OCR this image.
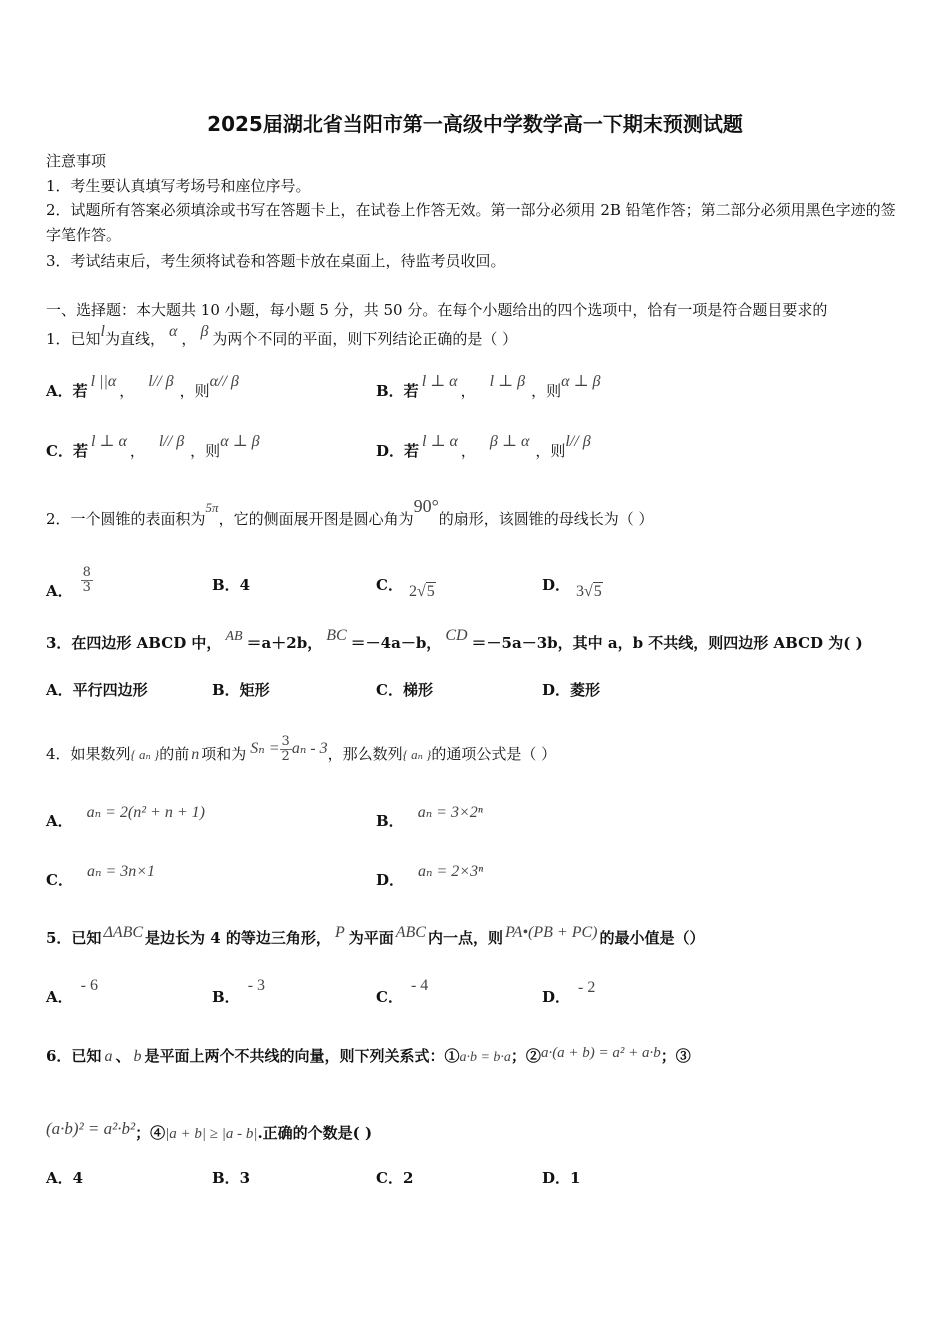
2025届湖北省当阳市第一高级中学数学高一下期末预测试题
注意事项
1．考生要认真填写考场号和座位序号。
2．试题所有答案必须填涂或书写在答题卡上，在试卷上作答无效。第一部分必须用 2B 铅笔作答；第二部分必须用黑色字迹的签字笔作答。
3．考试结束后，考生须将试卷和答题卡放在桌面上，待监考员收回。
一、选择题：本大题共 10 小题，每小题 5 分，共 50 分。在每个小题给出的四个选项中，恰有一项是符合题目要求的
1．已知l为直线， α ， β 为两个不同的平面，则下列结论正确的是（ ）
A．若l ||α，l// β，则α// β
B．若l ⊥ α，l ⊥ β，则α ⊥ β
C．若l ⊥ α，l// β，则α ⊥ β
D．若l ⊥ α，β ⊥ α，则l// β
2．一个圆锥的表面积为5π，它的侧面展开图是圆心角为90°的扇形，该圆锥的母线长为（ ）
A． $\frac{8}{3}$	B．4	C． 2√5	D． 3√5
3．在四边形 ABCD 中， AB ＝a＋2b， BC ＝－4a－b， CD ＝－5a－3b，其中 a，b 不共线，则四边形 ABCD 为( )
A．平行四边形	B．矩形	C．梯形	D．菱形
4．如果数列{ aₙ }的前 n 项和为 $S_n = \frac{3}{2}$ aₙ - 3，那么数列{ aₙ }的通项公式是（ ）
A． aₙ = 2(n² + n + 1)	B． aₙ = 3×2ⁿ
C． aₙ = 3n×1	D． aₙ = 2×3ⁿ
5．已知 ΔABC 是边长为 4 的等边三角形， P 为平面 ABC 内一点，则 PA•(PB + PC) 的最小值是（）
A．- 6
B．- 3
C．- 4
D．- 2
6．已知 a 、 b 是平面上两个不共线的向量，则下列关系式：①a·b = b·a；②a·(a + b) = a² + a·b；③
(a·b)² = a²·b²；④|a + b| ≥ |a - b|.正确的个数是( )
A．4	B．3	C．2	D．1
